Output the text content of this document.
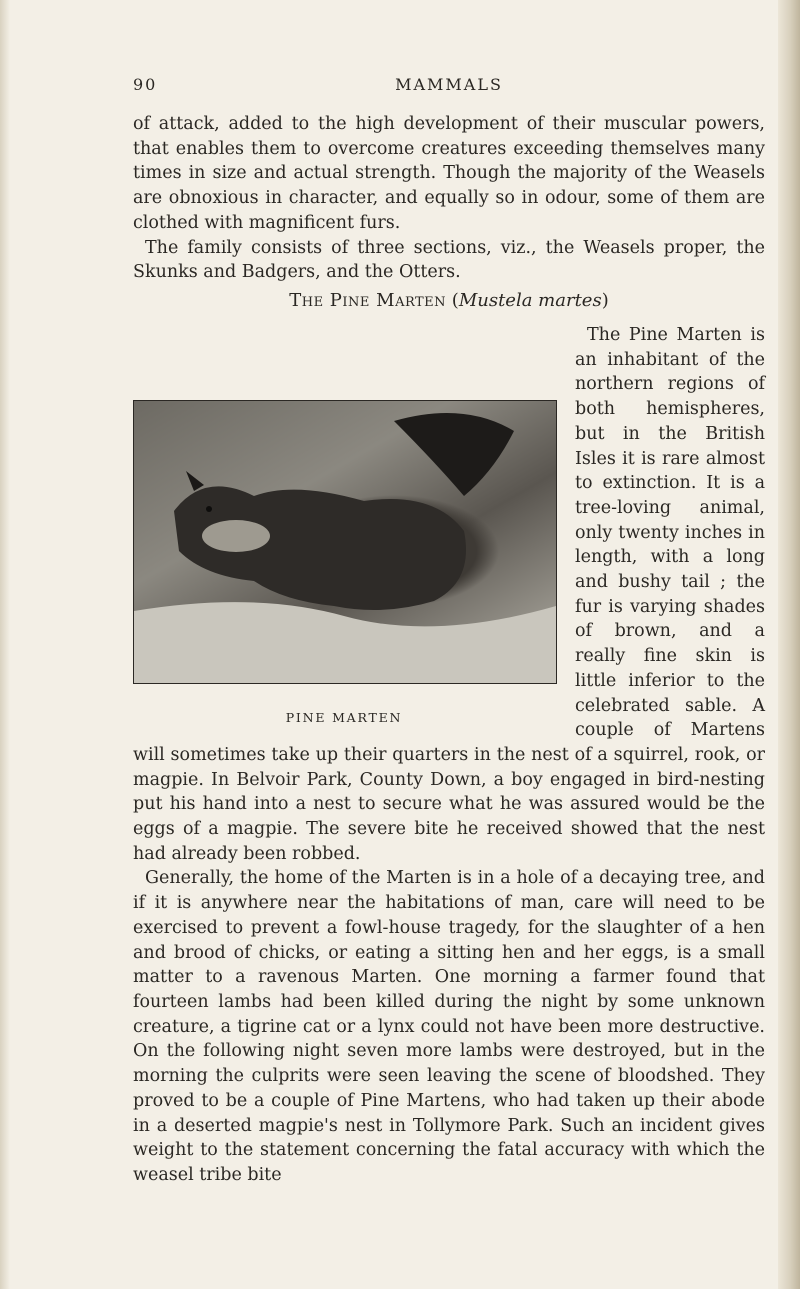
90	MAMMALS

of attack, added to the high development of their muscular powers, that enables them to overcome creatures exceeding themselves many times in size and actual strength. Though the majority of the Weasels are obnoxious in character, and equally so in odour, some of them are clothed with magnificent furs.

The family consists of three sections, viz., the Weasels proper, the Skunks and Badgers, and the Otters.

The Pine Marten (Mustela martes)
PINE MARTEN

The Pine Marten is an inhabitant of the northern regions of both hemispheres, but in the British Isles it is rare almost to extinction. It is a tree-loving animal, only twenty inches in length, with a long and bushy tail ; the fur is varying shades of brown, and a really fine skin is little inferior to the celebrated sable. A couple of Martens will sometimes take up their quarters in the nest of a squirrel, rook, or magpie. In Belvoir Park, County Down, a boy engaged in bird-nesting put his hand into a nest to secure what he was assured would be the eggs of a magpie. The severe bite he received showed that the nest had already been robbed.

Generally, the home of the Marten is in a hole of a decaying tree, and if it is anywhere near the habitations of man, care will need to be exercised to prevent a fowl-house tragedy, for the slaughter of a hen and brood of chicks, or eating a sitting hen and her eggs, is a small matter to a ravenous Marten. One morning a farmer found that fourteen lambs had been killed during the night by some unknown creature, a tigrine cat or a lynx could not have been more destructive. On the following night seven more lambs were destroyed, but in the morning the culprits were seen leaving the scene of bloodshed. They proved to be a couple of Pine Martens, who had taken up their abode in a deserted magpie's nest in Tollymore Park. Such an incident gives weight to the statement concerning the fatal accuracy with which the weasel tribe bite
